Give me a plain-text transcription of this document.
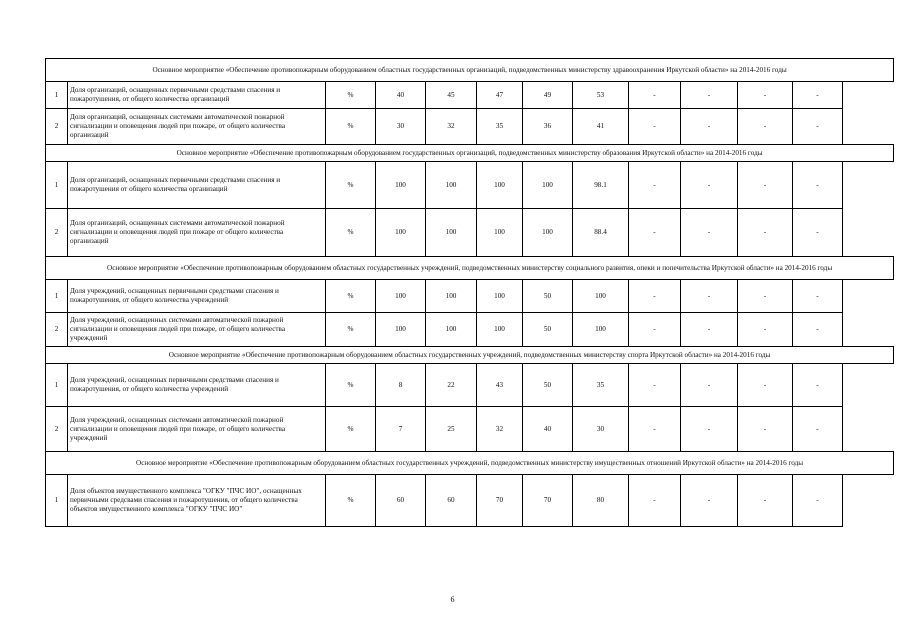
Основное мероприятие «Обеспечение противопожарным оборудованием областных государственных организаций, подведомственных министерству здравоохранения Иркутской области» на 2014-2016 годы											
1	Доля организаций, оснащенных первичными средствами спасения и пожаротушения, от общего количества организаций	%	40	45	47	49	53	-	-	-	-
2	Доля организаций, оснащенных системами автоматической пожарной сигнализации и оповещения людей при пожаре, от общего количества организаций	%	30	32	35	36	41	-	-	-	-
Основное мероприятие «Обеспечение противопожарным оборудованием государственных организаций, подведомственных министерству образования Иркутской области» на 2014-2016 годы											
1	Доля организаций, оснащенных первичными средствами спасения и пожаротушения от общего количества организаций	%	100	100	100	100	98.1	-	-	-	-
2	Доля организаций, оснащенных системами автоматической пожарной сигнализации и оповещения людей при пожаре от общего количества организаций	%	100	100	100	100	88.4	-	-	-	-
Основное мероприятие «Обеспечение противопожарным оборудованием областных государственных учреждений, подведомственных министерству социального развития, опеки и попечительства Иркутской области» на 2014-2016 годы											
1	Доля учреждений, оснащенных первичными средствами спасения и пожаротушения, от общего количества учреждений	%	100	100	100	50	100	-	-	-	-
2	Доля учреждений, оснащенных системами автоматической пожарной сигнализации и оповещения людей при пожаре, от общего количества учреждений	%	100	100	100	50	100	-	-	-	-
Основное мероприятие «Обеспечение противопожарным оборудованием областных государственных учреждений, подведомственных министерству спорта Иркутской области» на 2014-2016 годы											
1	Доля учреждений, оснащенных первичными средствами спасения и пожаротушения, от общего количества учреждений	%	8	22	43	50	35	-	-	-	-
2	Доля учреждений, оснащенных системами автоматической пожарной сигнализации и оповещения людей при пожаре, от общего количества учреждений	%	7	25	32	40	30	-	-	-	-
Основное мероприятие «Обеспечение противопожарным оборудованием областных государственных учреждений, подведомственных министерству имущественных отношений Иркутской области» на 2014-2016 годы											
1	Доля объектов имущественного комплекса "ОГКУ "ПЧС ИО", оснащенных первичными средсвами спасения и пожаротушения, от общего количества объектов имущественного комплекса "ОГКУ "ПЧС ИО"	%	60	60	70	70	80	-	-	-	-
6
